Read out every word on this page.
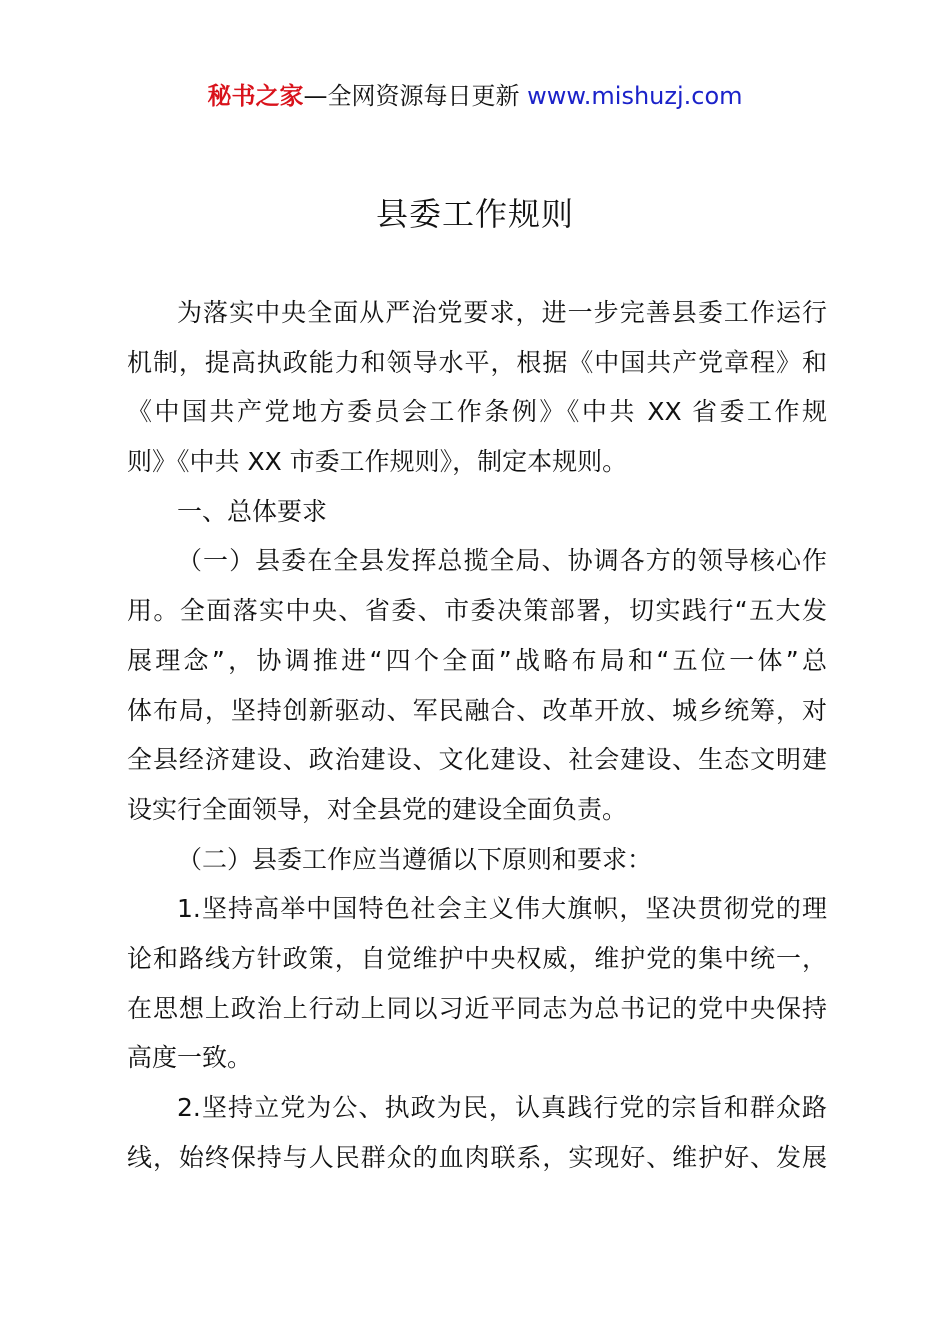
秘书之家—全网资源每日更新 www.mishuzj.com
县委工作规则
为落实中央全面从严治党要求，进一步完善县委工作运行
机制，提高执政能力和领导水平，根据《中国共产党章程》和
《中国共产党地方委员会工作条例》《中共 XX 省委工作规
则》《中共 XX 市委工作规则》，制定本规则。
一、总体要求
（一）县委在全县发挥总揽全局、协调各方的领导核心作
用。全面落实中央、省委、市委决策部署，切实践行“五大发
展理念”，协调推进“四个全面”战略布局和“五位一体”总
体布局，坚持创新驱动、军民融合、改革开放、城乡统筹，对
全县经济建设、政治建设、文化建设、社会建设、生态文明建
设实行全面领导，对全县党的建设全面负责。
（二）县委工作应当遵循以下原则和要求：
1.坚持高举中国特色社会主义伟大旗帜，坚决贯彻党的理
论和路线方针政策，自觉维护中央权威，维护党的集中统一，
在思想上政治上行动上同以习近平同志为总书记的党中央保持
高度一致。
2.坚持立党为公、执政为民，认真践行党的宗旨和群众路
线，始终保持与人民群众的血肉联系，实现好、维护好、发展
